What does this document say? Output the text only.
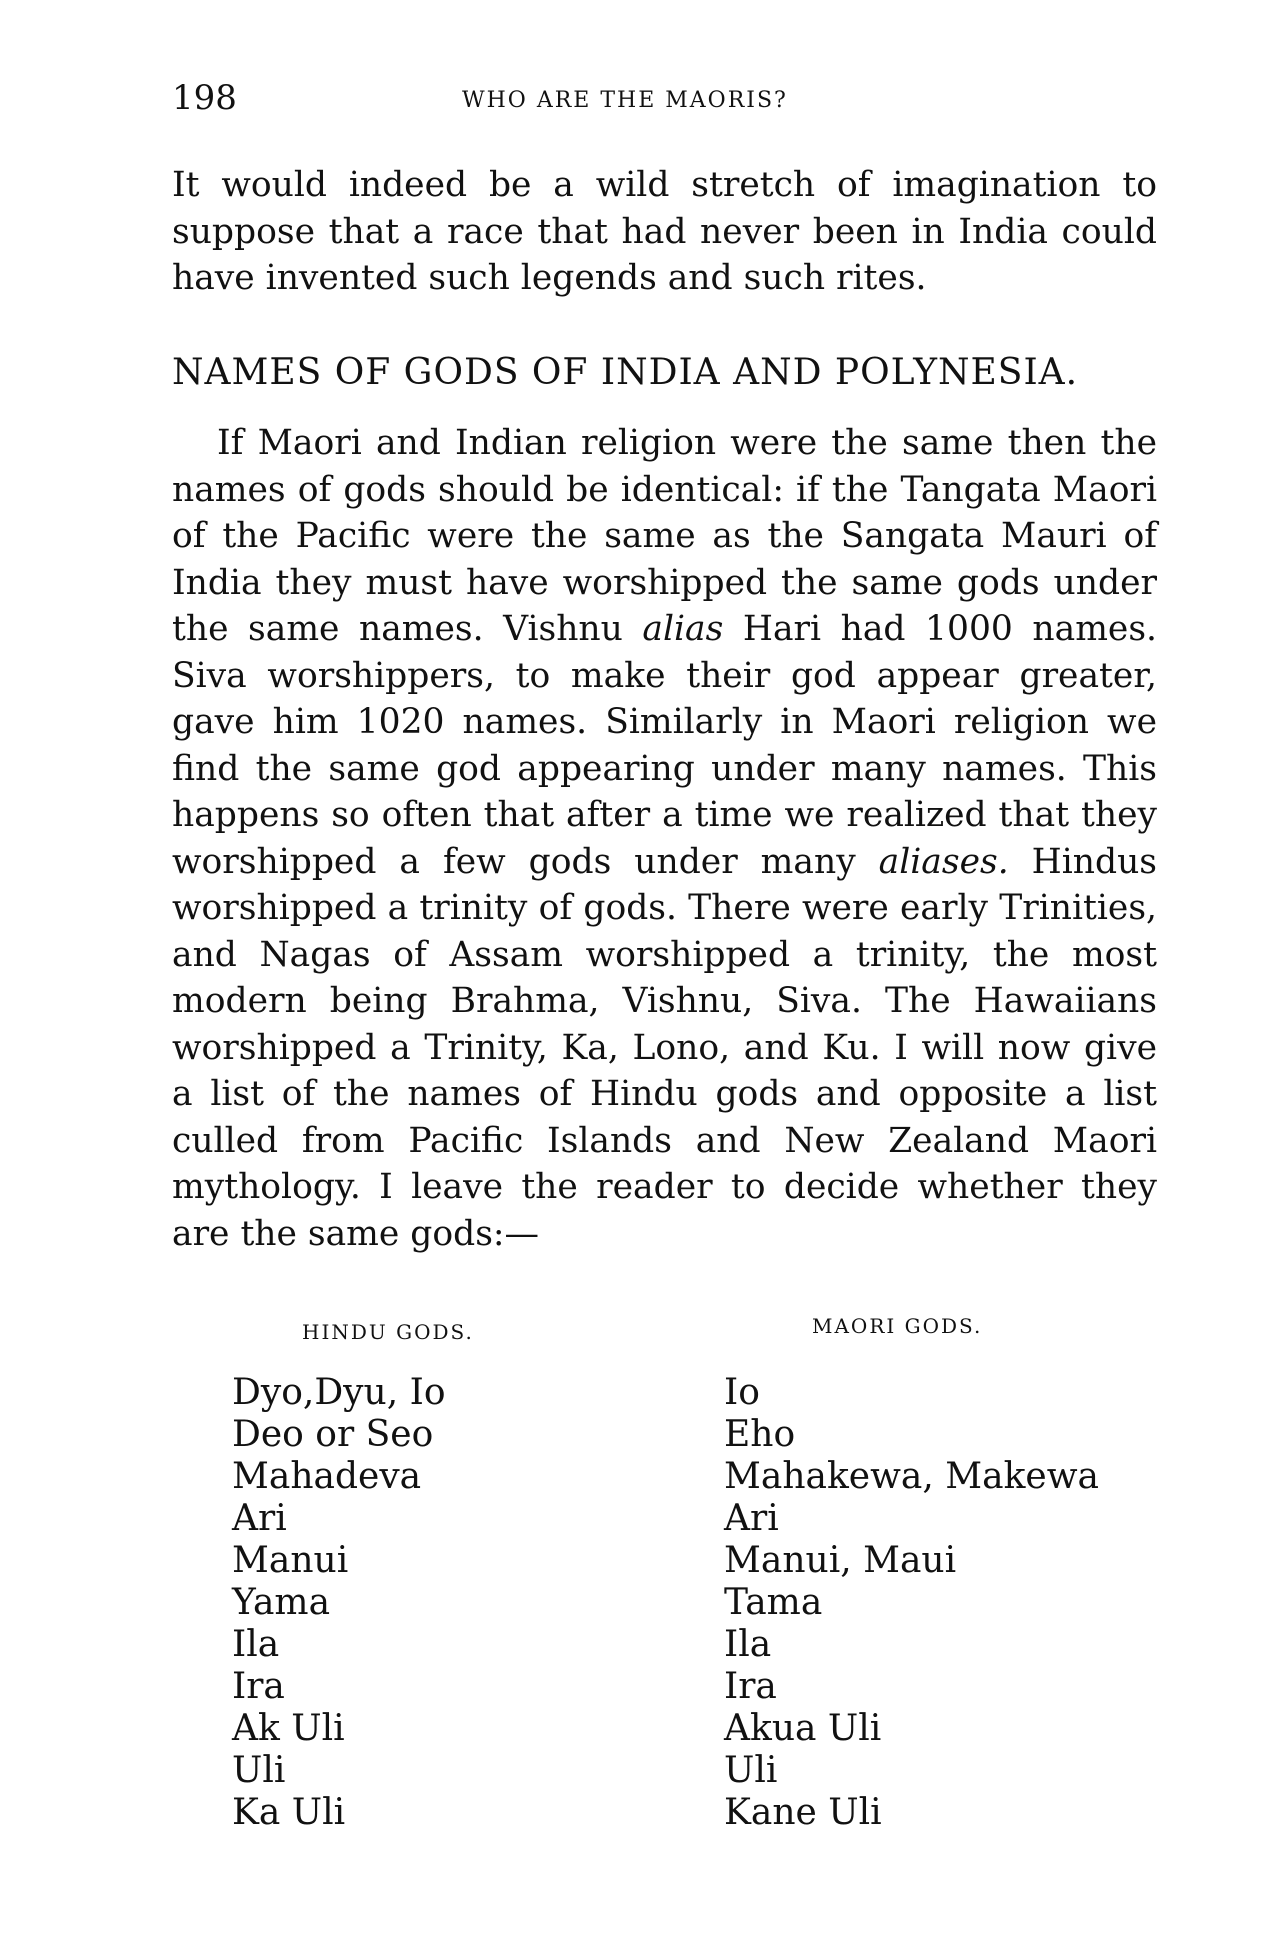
198	WHO ARE THE MAORIS?

It would indeed be a wild stretch of imagination to suppose that a race that had never been in India could have invented such legends and such rites.

NAMES OF GODS OF INDIA AND POLYNESIA.

If Maori and Indian religion were the same then the names of gods should be identical: if the Tangata Maori of the Pacific were the same as the Sangata Mauri of India they must have worshipped the same gods under the same names. Vishnu alias Hari had 1000 names. Siva worshippers, to make their god appear greater, gave him 1020 names. Similarly in Maori religion we find the same god appearing under many names. This happens so often that after a time we realized that they worshipped a few gods under many aliases. Hindus worshipped a trinity of gods. There were early Trinities, and Nagas of Assam worshipped a trinity, the most modern being Brahma, Vishnu, Siva. The Hawaiians worshipped a Trinity, Ka, Lono, and Ku. I will now give a list of the names of Hindu gods and opposite a list culled from Pacific Islands and New Zealand Maori mythology. I leave the reader to decide whether they are the same gods:—

HINDU GODS.	MAORI GODS.
Dyo,Dyu, Io
Deo or Seo
Mahadeva
Ari
Manui
Yama
Ila
Ira
Ak Uli
Uli
Ka Uli
Io
Eho
Mahakewa, Makewa
Ari
Manui, Maui
Tama
Ila
Ira
Akua Uli
Uli
Kane Uli
